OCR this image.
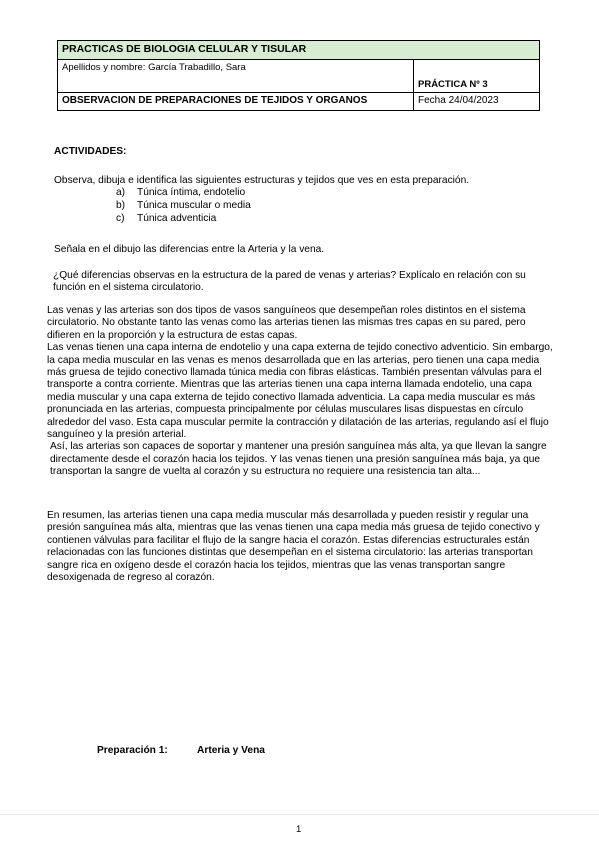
PRACTICAS DE BIOLOGIA CELULAR Y TISULAR	
Apellidos y nombre: García Trabadillo, Sara	PRÁCTICA Nº 3
OBSERVACION DE PREPARACIONES DE TEJIDOS Y ORGANOS	Fecha 24/04/2023
ACTIVIDADES:
Observa, dibuja e identifica las siguientes estructuras y tejidos que ves en esta preparación.
a)	Túnica íntima, endotelio
b)	Túnica muscular o media
c)	Túnica adventicia
Señala en el dibujo las diferencias entre la Arteria y la vena.
¿Qué diferencias observas en la estructura de la pared de venas y arterias? Explícalo en relación con su función en el sistema circulatorio.
Las venas y las arterias son dos tipos de vasos sanguíneos que desempeñan roles distintos en el sistema circulatorio. No obstante tanto las venas como las arterias tienen las mismas tres capas en su pared, pero difieren en la proporción y la estructura de estas capas.
Las venas tienen una capa interna de endotelio y una capa externa de tejido conectivo adventicio. Sin embargo, la capa media muscular en las venas es menos desarrollada que en las arterias, pero tienen una capa media más gruesa de tejido conectivo llamada túnica media con fibras elásticas. También presentan válvulas para el transporte a contra corriente. Mientras que las arterias tienen una capa interna llamada endotelio, una capa media muscular y una capa externa de tejido conectivo llamada adventicia. La capa media muscular es más pronunciada en las arterias, compuesta principalmente por células musculares lisas dispuestas en círculo alrededor del vaso. Esta capa muscular permite la contracción y dilatación de las arterias, regulando así el flujo sanguíneo y la presión arterial.
Así, las arterias son capaces de soportar y mantener una presión sanguínea más alta, ya que llevan la sangre directamente desde el corazón hacia los tejidos. Y las venas tienen una presión sanguínea más baja, ya que transportan la sangre de vuelta al corazón y su estructura no requiere una resistencia tan alta...
En resumen, las arterias tienen una capa media muscular más desarrollada y pueden resistir y regular una presión sanguínea más alta, mientras que las venas tienen una capa media más gruesa de tejido conectivo y contienen válvulas para facilitar el flujo de la sangre hacia el corazón. Estas diferencias estructurales están relacionadas con las funciones distintas que desempeñan en el sistema circulatorio: las arterias transportan sangre rica en oxígeno desde el corazón hacia los tejidos, mientras que las venas transportan sangre desoxigenada de regreso al corazón.
Preparación 1:	Arteria y Vena
1
